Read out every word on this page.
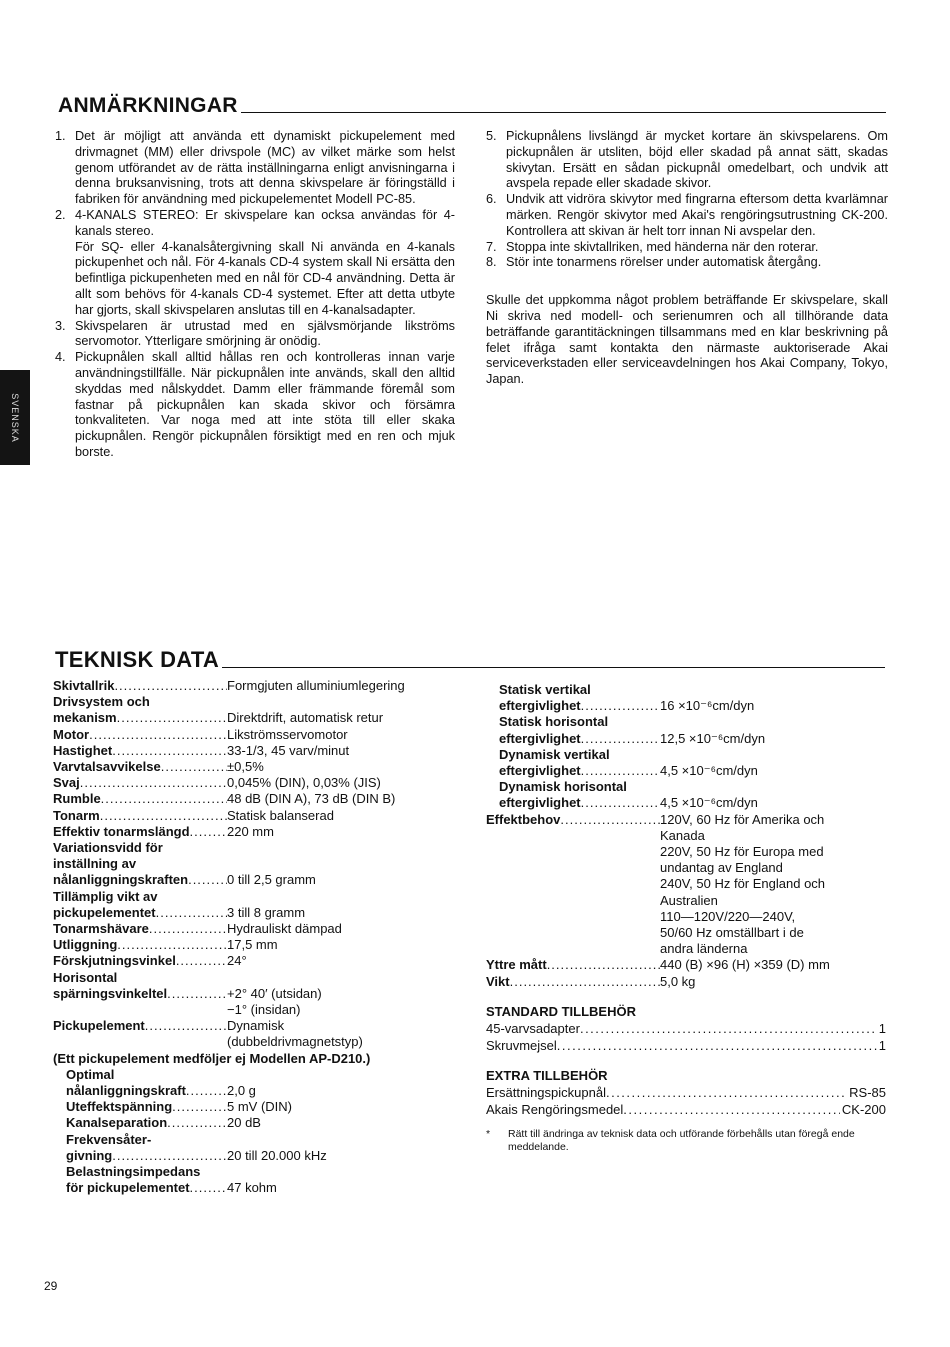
ANMÄRKNINGAR
1. Det är möjligt att använda ett dynamiskt pickupelement med drivmagnet (MM) eller drivspole (MC) av vilket märke som helst genom utförandet av de rätta inställningarna enligt anvisningarna i denna bruksanvisning, trots att denna skivspelare är föringställd i fabriken för användning med pickupelementet Modell PC-85.

2. 4-KANALS STEREO: Er skivspelare kan ocksa användas för 4-kanals stereo.

För SQ- eller 4-kanalsåtergivning skall Ni använda en 4-kanals pickupenhet och nål. För 4-kanals CD-4 system skall Ni ersätta den befintliga pickupenheten med en nål för CD-4 användning. Detta är allt som behövs för 4-kanals CD-4 systemet. Efter att detta utbyte har gjorts, skall skivspelaren anslutas till en 4-kanalsadapter.

3. Skivspelaren är utrustad med en självsmörjande likströms servomotor. Ytterligare smörjning är onödig.

4. Pickupnålen skall alltid hållas ren och kontrolleras innan varje användningstillfälle. När pickupnålen inte används, skall den alltid skyddas med nålskyddet. Damm eller främmande föremål som fastnar på pickupnålen kan skada skivor och försämra tonkvaliteten. Var noga med att inte stöta till eller skaka pickupnålen. Rengör pickupnålen försiktigt med en ren och mjuk borste.

5. Pickupnålens livslängd är mycket kortare än skivspelarens. Om pickupnålen är utsliten, böjd eller skadad på annat sätt, skadas skivytan. Ersätt en sådan pickupnål omedelbart, och undvik att avspela repade eller skadade skivor.

6. Undvik att vidröra skivytor med fingrarna eftersom detta kvarlämnar märken. Rengör skivytor med Akai's rengöringsutrustning CK-200. Kontrollera att skivan är helt torr innan Ni avspelar den.

7. Stoppa inte skivtallriken, med händerna när den roterar.

8. Stör inte tonarmens rörelser under automatisk återgång.

Skulle det uppkomma något problem beträffande Er skivspelare, skall Ni skriva ned modell- och serienumren och all tillhörande data beträffande garantitäckningen tillsammans med en klar beskrivning på felet ifråga samt kontakta den närmaste auktoriserade Akai serviceverkstaden eller serviceavdelningen hos Akai Company, Tokyo, Japan.

SVENSKA
TEKNISK DATA
Skivtallrik .....	Formgjuten alluminiumlegering
Drivsystem och
mekanism .....	Direktdrift, automatisk retur
Motor .....	Likströmsservomotor
Hastighet .....	33-1/3, 45 varv/minut
Varvtalsavvikelse .....	±0,5%
Svaj .....	0,045% (DIN), 0,03% (JIS)
Rumble .....	48 dB (DIN A), 73 dB (DIN B)
Tonarm .....	Statisk balanserad
Effektiv tonarmslängd .....	220 mm
Variationsvidd för
inställning av
nålanliggningskraften .....	0 till 2,5 gramm
Tillämplig vikt av
pickupelementet .....	3 till 8 gramm
Tonarmshävare .....	Hydrauliskt dämpad
Utliggning .....	17,5 mm
Förskjutningsvinkel .....	24°
Horisontal
spärningsvinkeltel .....	+2° 40′ (utsidan)
−1° (insidan)
Pickupelement .....	Dynamisk
(dubbeldrivmagnetstyp)
(Ett pickupelement medföljer ej Modellen AP-D210.)
Optimal
nålanliggningskraft .....	2,0 g
Uteffektspänning .....	5 mV (DIN)
Kanalseparation .....	20 dB
Frekvensåter-
givning .....	20 till 20.000 kHz
Belastningsimpedans
för pickupelementet .....	47 kohm
Statisk vertikal
eftergivlighet .....	16 ×10⁻⁶cm/dyn
Statisk horisontal
eftergivlighet .....	12,5 ×10⁻⁶cm/dyn
Dynamisk vertikal
eftergivlighet .....	4,5 ×10⁻⁶cm/dyn
Dynamisk horisontal
eftergivlighet .....	4,5 ×10⁻⁶cm/dyn
Effektbehov .....	120V, 60 Hz för Amerika och
Kanada
220V, 50 Hz för Europa med
undantag av England
240V, 50 Hz för England och
Australien
110—120V/220—240V,
50/60 Hz omställbart i de
andra länderna
Yttre mått .....	440 (B) ×96 (H) ×359 (D) mm
Vikt .....	5,0 kg
STANDARD TILLBEHÖR
45-varvsadapter .....	1
Skruvmejsel .....	1
EXTRA TILLBEHÖR
Ersättningspickupnål .....	RS-85
Akais Rengöringsmedel .....	CK-200
*	Rätt till ändringa av teknisk data och utförande förbehålls utan föregå ende meddelande.
29
